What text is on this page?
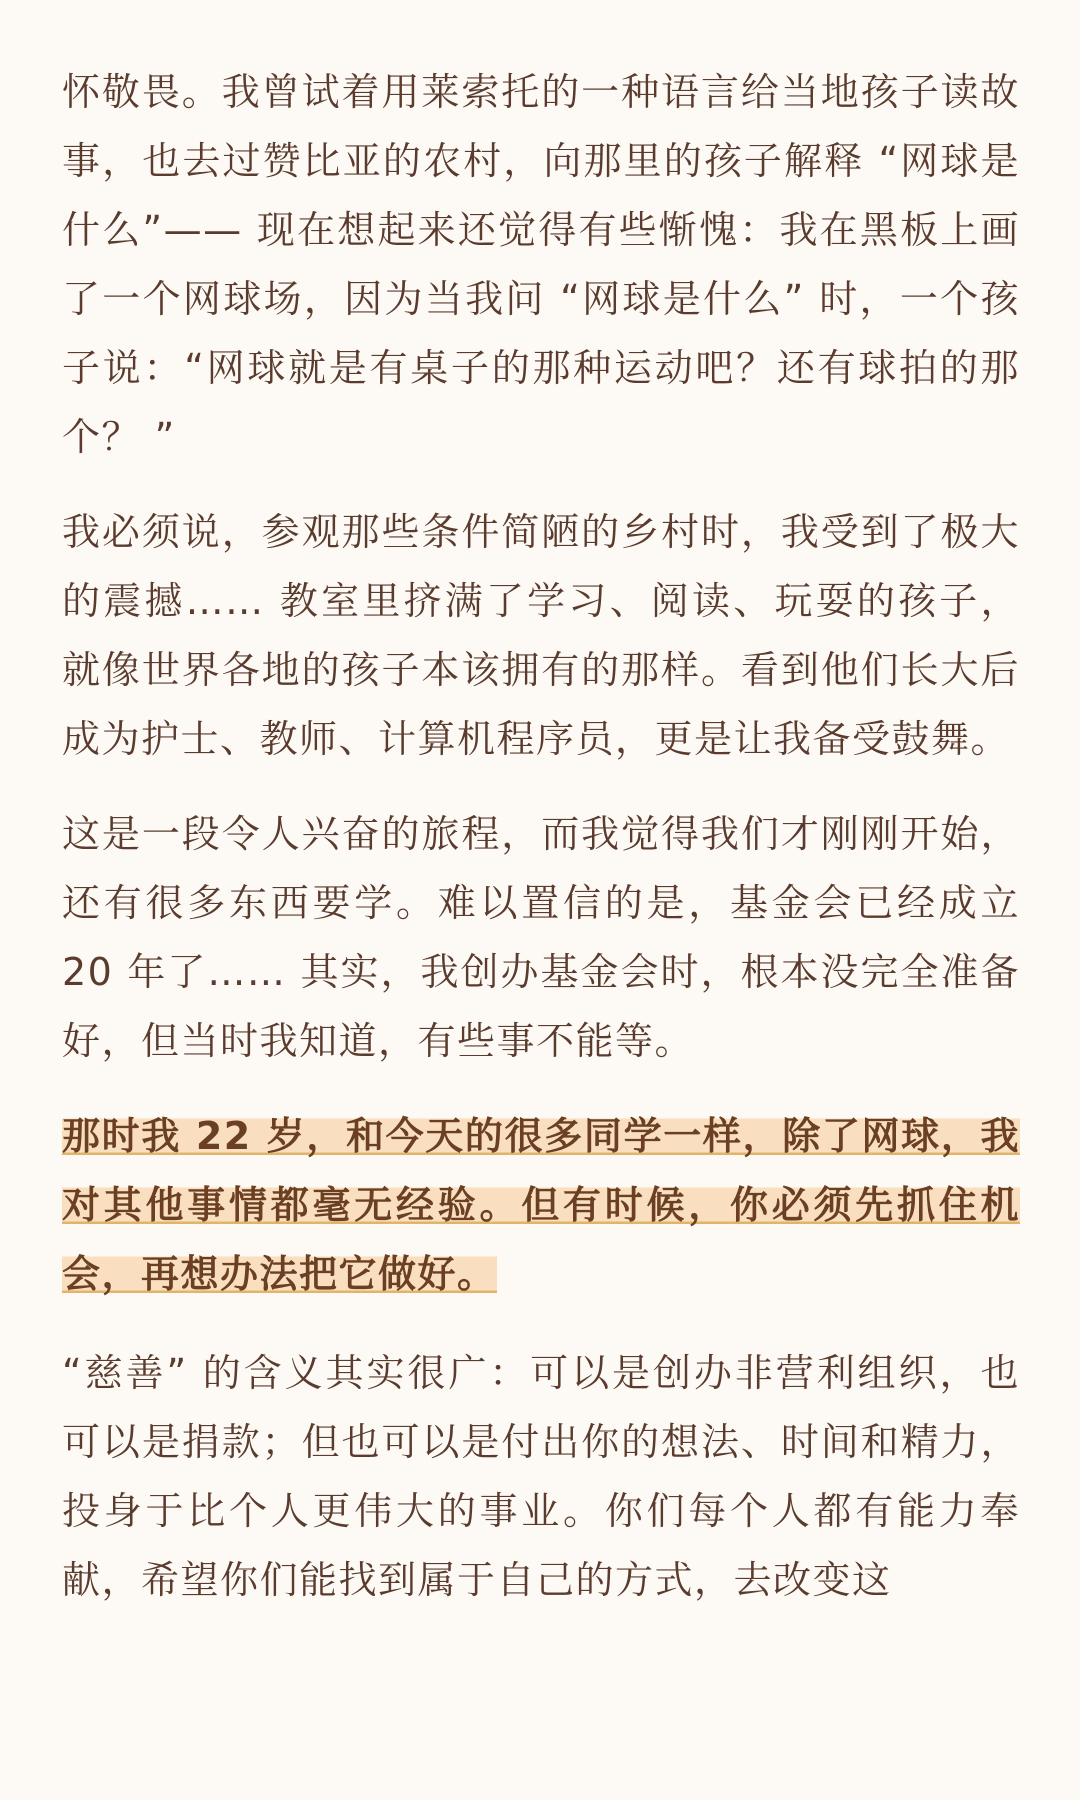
怀敬畏。我曾试着用莱索托的一种语言给当地孩子读故事，也去过赞比亚的农村，向那里的孩子解释 “网球是什么”—— 现在想起来还觉得有些惭愧：我在黑板上画了一个网球场，因为当我问 “网球是什么” 时，一个孩子说：“网球就是有桌子的那种运动吧？还有球拍的那个？ ”

我必须说，参观那些条件简陋的乡村时，我受到了极大的震撼…… 教室里挤满了学习、阅读、玩耍的孩子，就像世界各地的孩子本该拥有的那样。看到他们长大后成为护士、教师、计算机程序员，更是让我备受鼓舞。

这是一段令人兴奋的旅程，而我觉得我们才刚刚开始，还有很多东西要学。难以置信的是，基金会已经成立 20 年了…… 其实，我创办基金会时，根本没完全准备好，但当时我知道，有些事不能等。

那时我 22 岁，和今天的很多同学一样，除了网球，我对其他事情都毫无经验。但有时候，你必须先抓住机会，再想办法把它做好。

“慈善” 的含义其实很广：可以是创办非营利组织，也可以是捐款；但也可以是付出你的想法、时间和精力，投身于比个人更伟大的事业。你们每个人都有能力奉献，希望你们能找到属于自己的方式，去改变这
